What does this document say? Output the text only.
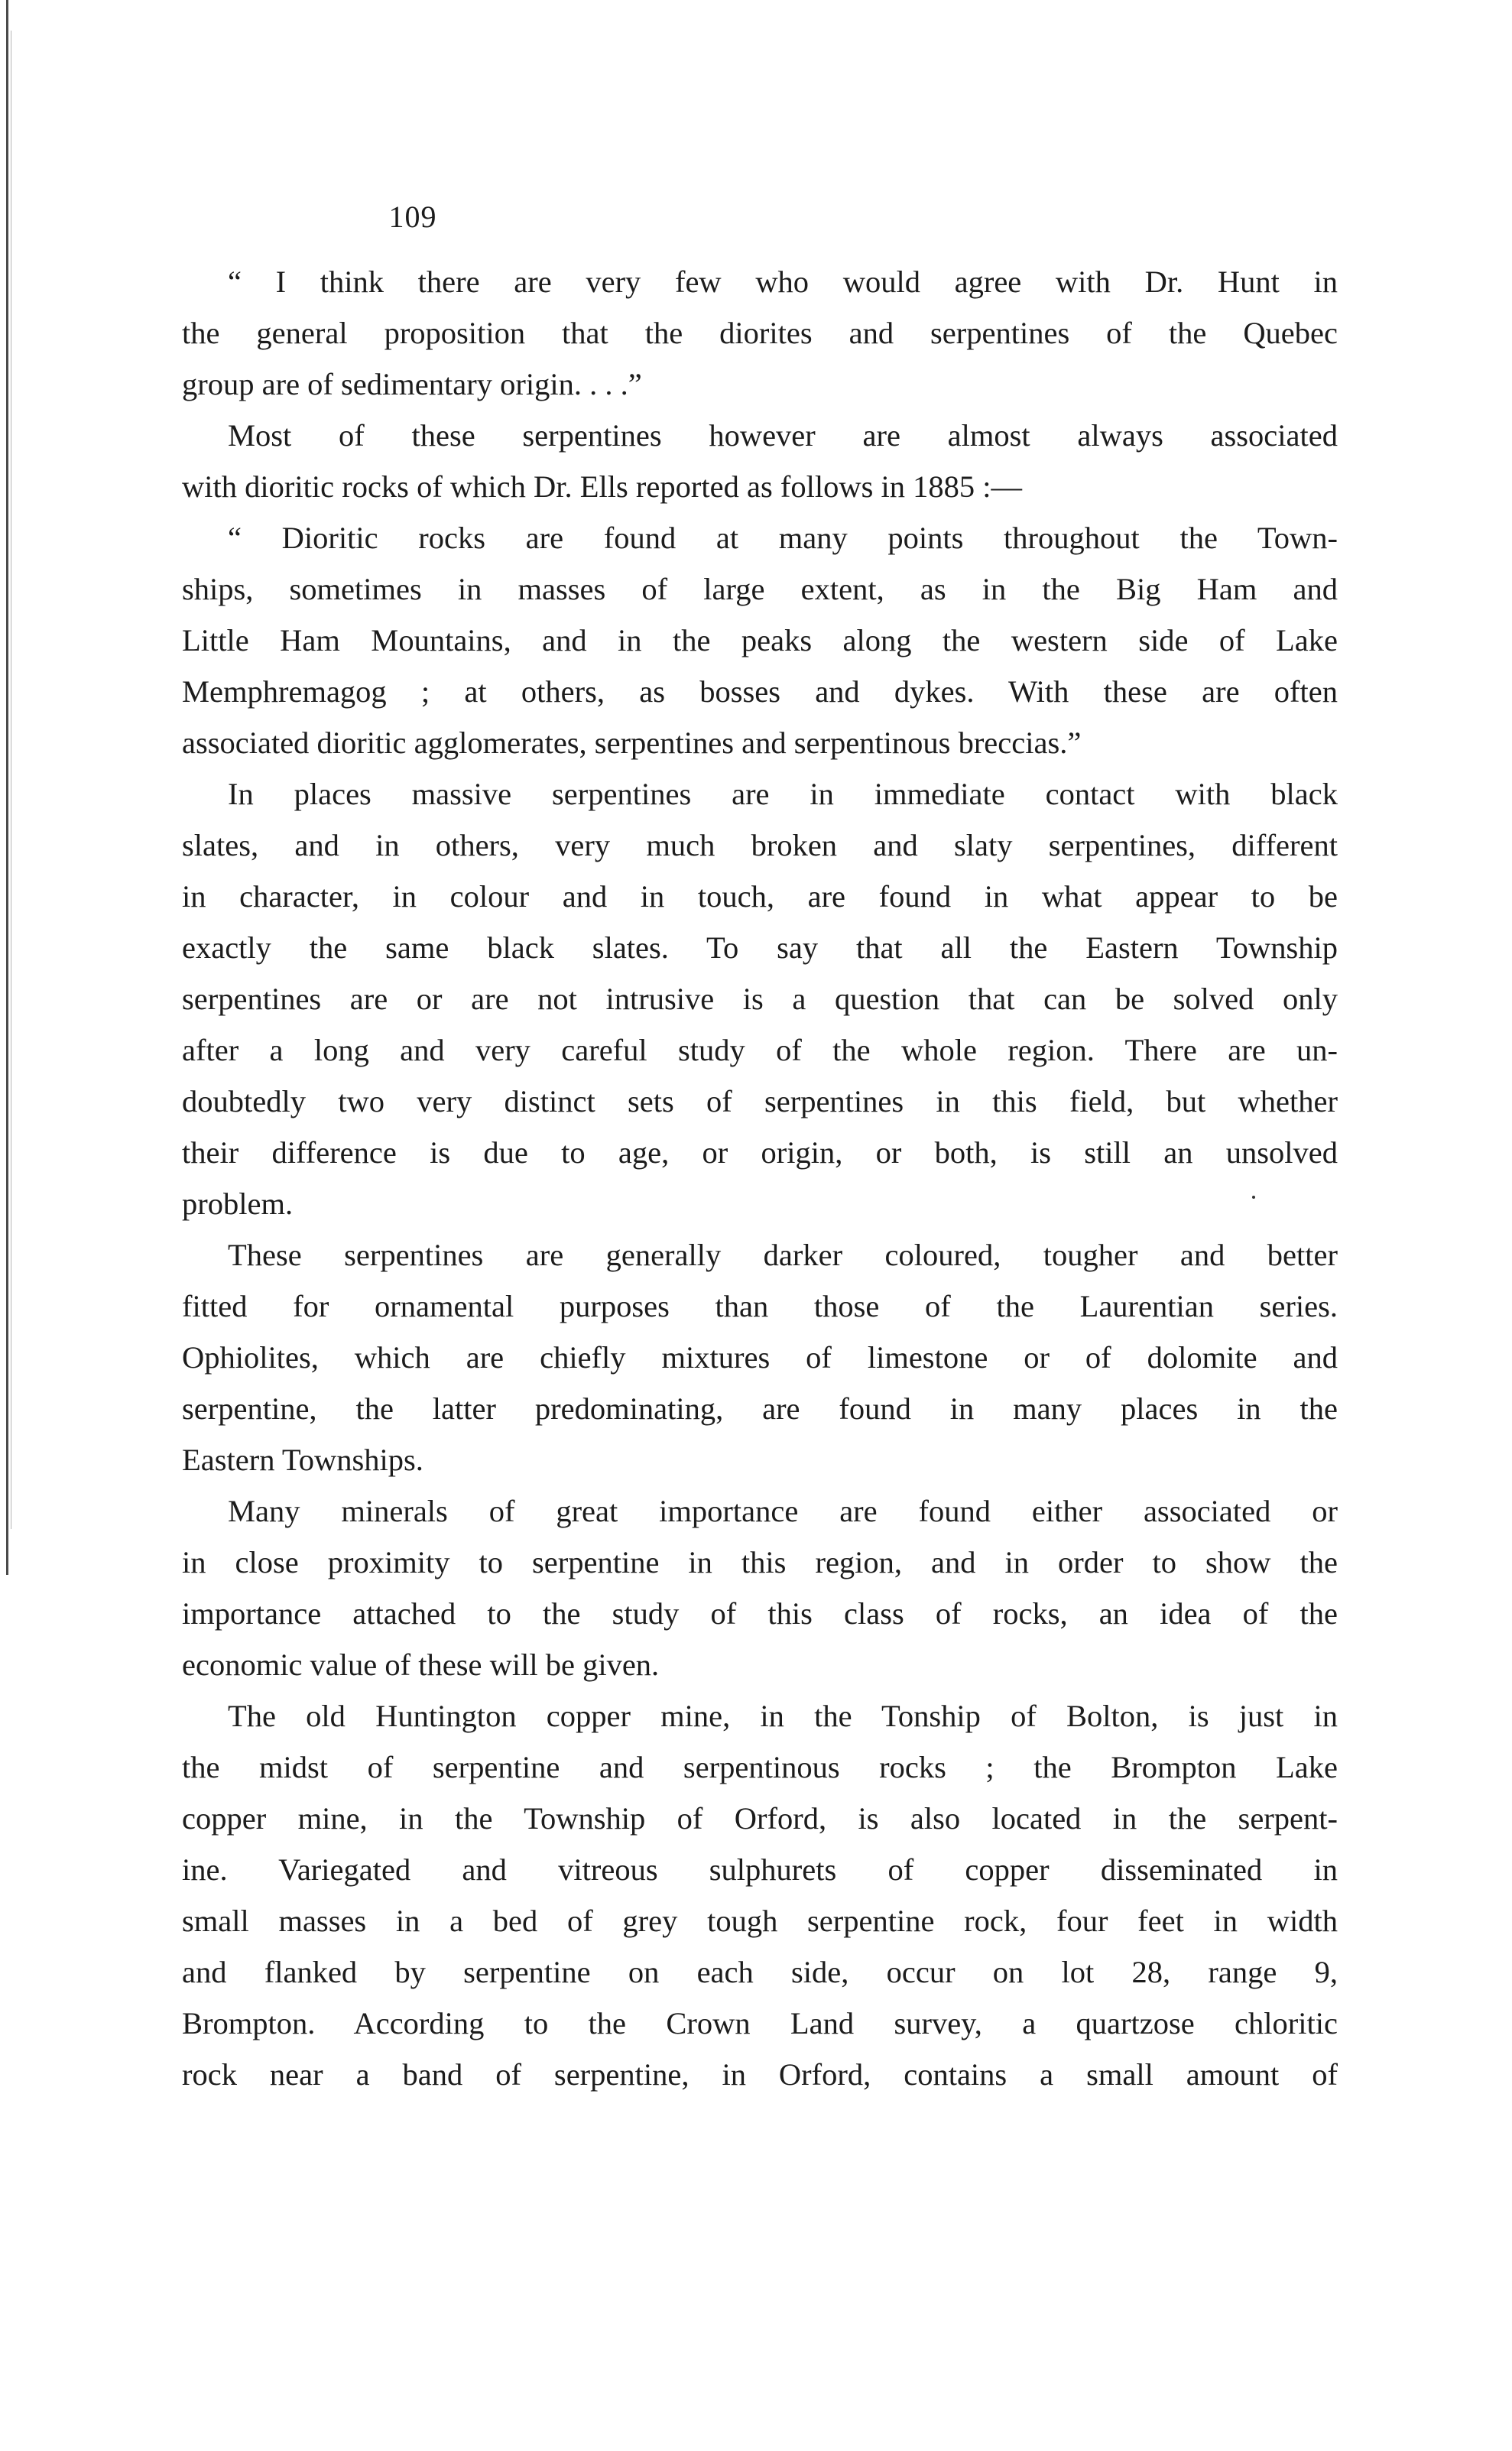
109
“ I think there are very few who would agree with Dr. Hunt in
the general proposition that the diorites and serpentines of the Quebec
group are of sedimentary origin. . . .”
Most of these serpentines however are almost always associated
with dioritic rocks of which Dr. Ells reported as follows in 1885 :—
“ Dioritic rocks are found at many points throughout the Town-
ships, sometimes in masses of large extent, as in the Big Ham and
Little Ham Mountains, and in the peaks along the western side of Lake
Memphremagog ; at others, as bosses and dykes. With these are often
associated dioritic agglomerates, serpentines and serpentinous breccias.”
In places massive serpentines are in immediate contact with black
slates, and in others, very much broken and slaty serpentines, different
in character, in colour and in touch, are found in what appear to be
exactly the same black slates. To say that all the Eastern Township
serpentines are or are not intrusive is a question that can be solved only
after a long and very careful study of the whole region. There are un-
doubtedly two very distinct sets of serpentines in this field, but whether
their difference is due to age, or origin, or both, is still an unsolved
problem.
These serpentines are generally darker coloured, tougher and better
fitted for ornamental purposes than those of the Laurentian series.
Ophiolites, which are chiefly mixtures of limestone or of dolomite and
serpentine, the latter predominating, are found in many places in the
Eastern Townships.
Many minerals of great importance are found either associated or
in close proximity to serpentine in this region, and in order to show the
importance attached to the study of this class of rocks, an idea of the
economic value of these will be given.
The old Huntington copper mine, in the Tonship of Bolton, is just in
the midst of serpentine and serpentinous rocks ; the Brompton Lake
copper mine, in the Township of Orford, is also located in the serpent-
ine. Variegated and vitreous sulphurets of copper disseminated in
small masses in a bed of grey tough serpentine rock, four feet in width
and flanked by serpentine on each side, occur on lot 28, range 9,
Brompton. According to the Crown Land survey, a quartzose chloritic
rock near a band of serpentine, in Orford, contains a small amount of
